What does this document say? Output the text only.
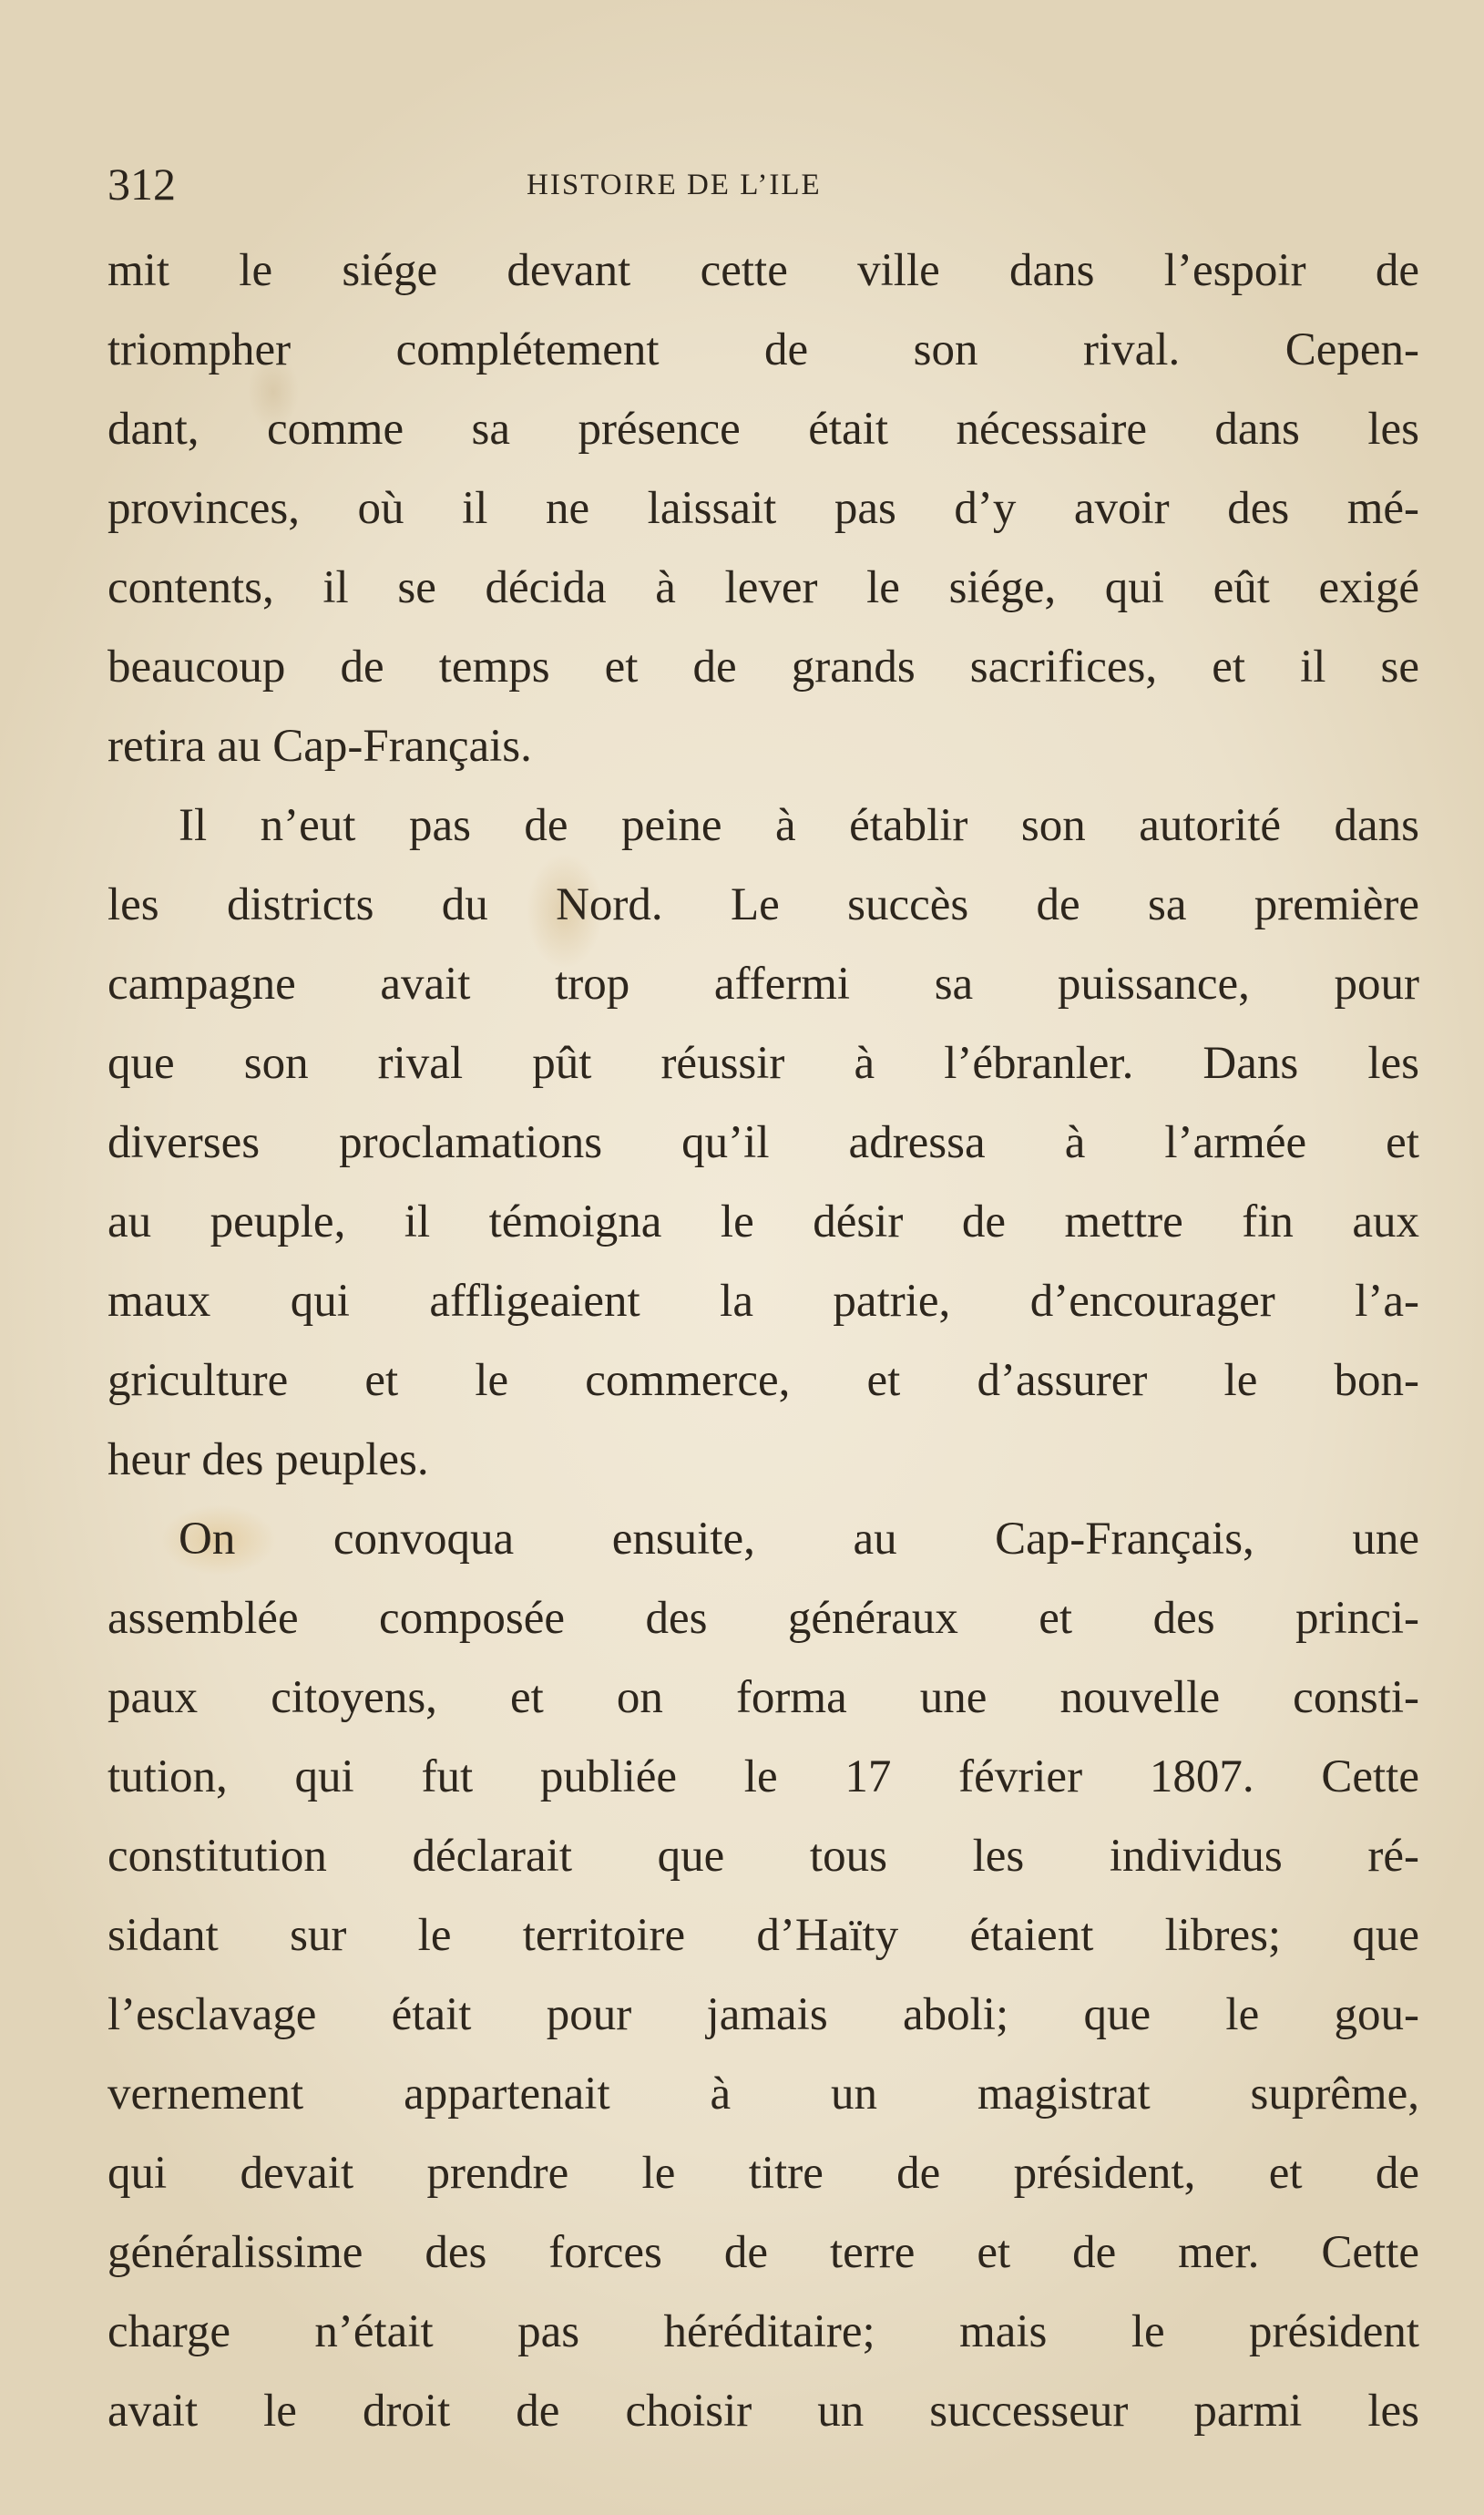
312	HISTOIRE DE L’ILE
mit le siége devant cette ville dans l’espoir de
triompher complétement de son rival. Cepen-
dant, comme sa présence était nécessaire dans les
provinces, où il ne laissait pas d’y avoir des mé-
contents, il se décida à lever le siége, qui eût exigé
beaucoup de temps et de grands sacrifices, et il se
retira au Cap-Français.
Il n’eut pas de peine à établir son autorité dans
les districts du Nord. Le succès de sa première
campagne avait trop affermi sa puissance, pour
que son rival pût réussir à l’ébranler. Dans les
diverses proclamations qu’il adressa à l’armée et
au peuple, il témoigna le désir de mettre fin aux
maux qui affligeaient la patrie, d’encourager l’a-
griculture et le commerce, et d’assurer le bon-
heur des peuples.
On convoqua ensuite, au Cap-Français, une
assemblée composée des généraux et des princi-
paux citoyens, et on forma une nouvelle consti-
tution, qui fut publiée le 17 février 1807. Cette
constitution déclarait que tous les individus ré-
sidant sur le territoire d’Haïty étaient libres; que
l’esclavage était pour jamais aboli; que le gou-
vernement appartenait à un magistrat suprême,
qui devait prendre le titre de président, et de
généralissime des forces de terre et de mer. Cette
charge n’était pas héréditaire; mais le président
avait le droit de choisir un successeur parmi les
